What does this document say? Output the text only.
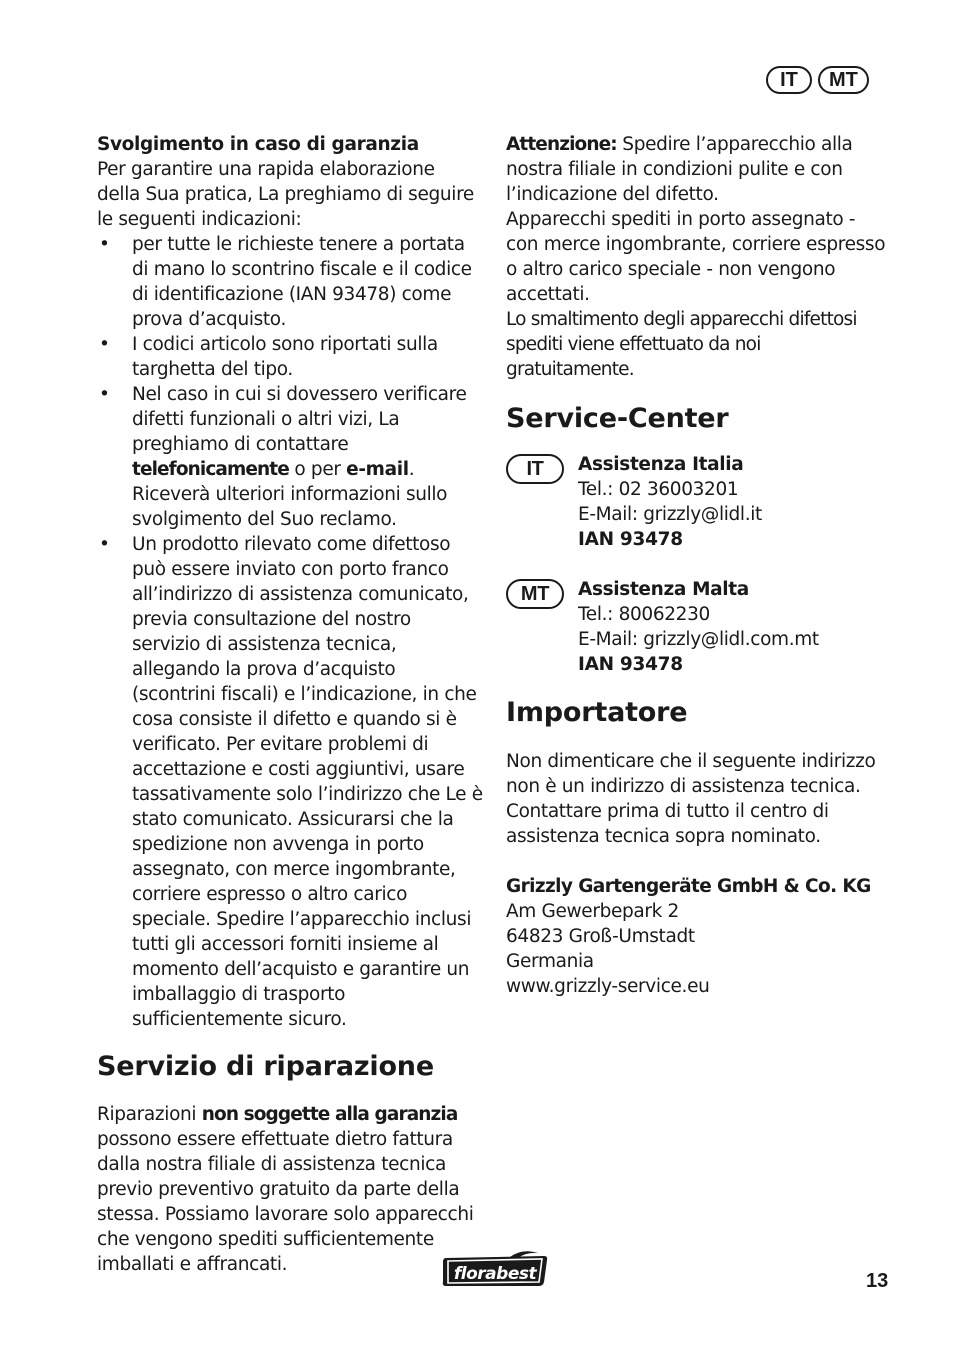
IT	MT

Svolgimento in caso di garanzia

Per garantire una rapida elaborazione della Sua pratica, La preghiamo di seguire le seguenti indicazioni:

• per tutte le richieste tenere a portata di mano lo scontrino fiscale e il codice di identificazione (IAN 93478) come prova d’acquisto.
• I codici articolo sono riportati sulla targhetta del tipo.
• Nel caso in cui si dovessero verificare difetti funzionali o altri vizi, La preghiamo di contattare telefonicamente o per e-mail. Riceverà ulteriori informazioni sullo svolgimento del Suo reclamo.
• Un prodotto rilevato come difettoso può essere inviato con porto franco all’indirizzo di assistenza comunicato, previa consultazione del nostro servizio di assistenza tecnica, allegando la prova d’acquisto (scontrini fiscali) e l’indicazione, in che cosa consiste il difetto e quando si è verificato. Per evitare problemi di accettazione e costi aggiuntivi, usare tassativamente solo l’indirizzo che Le è stato comunicato. Assicurarsi che la spedizione non avvenga in porto assegnato, con merce ingombrante, corriere espresso o altro carico speciale. Spedire l’apparecchio inclusi tutti gli accessori forniti insieme al momento dell’acquisto e garantire un imballaggio di trasporto sufficientemente sicuro.
Servizio di riparazione

Riparazioni non soggette alla garanzia possono essere effettuate dietro fattura dalla nostra filiale di assistenza tecnica previo preventivo gratuito da parte della stessa. Possiamo lavorare solo apparecchi che vengono spediti sufficientemente imballati e affrancati.

Attenzione: Spedire l’apparecchio alla nostra filiale in condizioni pulite e con l’indicazione del difetto.

Apparecchi spediti in porto assegnato - con merce ingombrante, corriere espresso o altro carico speciale - non vengono accettati.

Lo smaltimento degli apparecchi difettosi spediti viene effettuato da noi gratuitamente.

Service-Center
IT	Assistenza Italia

Tel.: 02 36003201

E-Mail: grizzly@lidl.it

IAN 93478

MT	Assistenza Malta

Tel.: 80062230

E-Mail: grizzly@lidl.com.mt

IAN 93478

Importatore

Non dimenticare che il seguente indirizzo non è un indirizzo di assistenza tecnica. Contattare prima di tutto il centro di assistenza tecnica sopra nominato.

Grizzly Gartengeräte GmbH & Co. KG

Am Gewerbepark 2

64823 Groß-Umstadt

Germania

www.grizzly-service.eu

florabest	13
